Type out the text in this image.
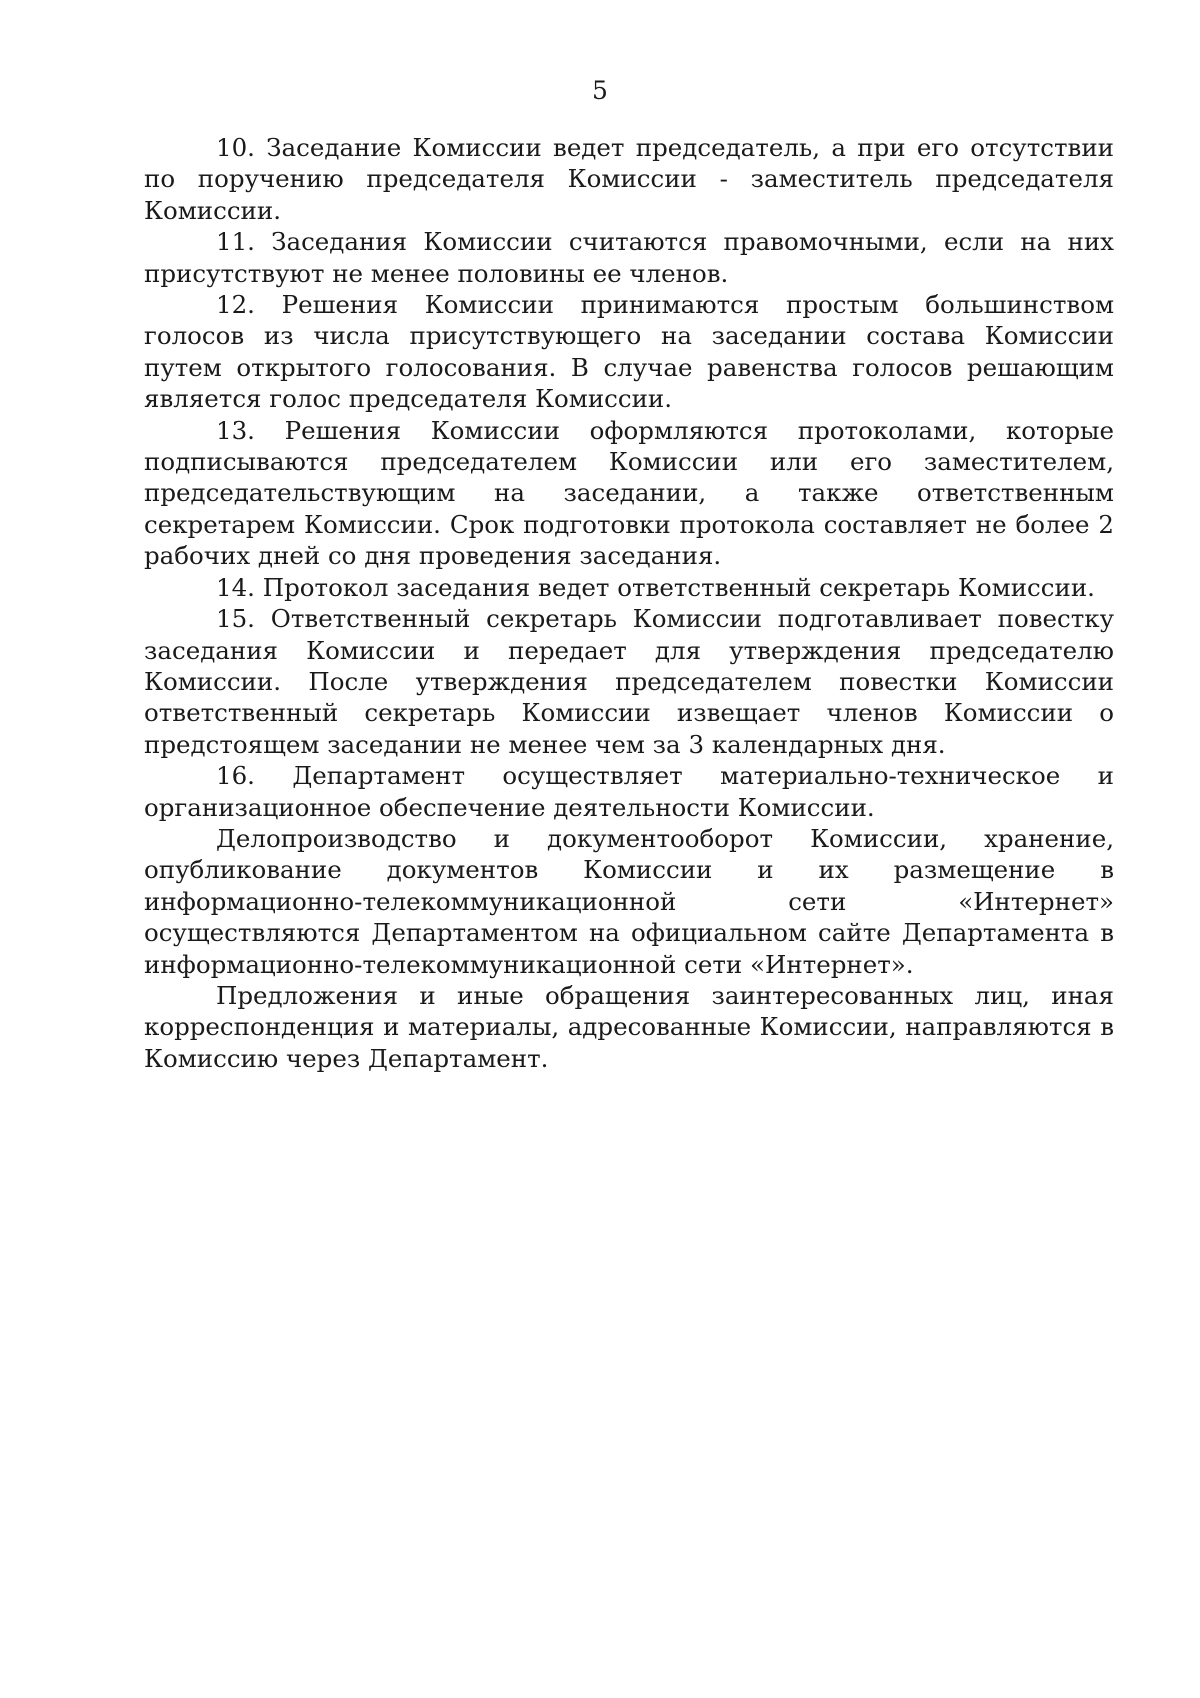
5

10. Заседание Комиссии ведет председатель, а при его отсутствии по поручению председателя Комиссии - заместитель председателя Комиссии.

11. Заседания Комиссии считаются правомочными, если на них присутствуют не менее половины ее членов.

12. Решения Комиссии принимаются простым большинством голосов из числа присутствующего на заседании состава Комиссии путем открытого голосования. В случае равенства голосов решающим является голос председателя Комиссии.

13. Решения Комиссии оформляются протоколами, которые подписываются председателем Комиссии или его заместителем, председательствующим на заседании, а также ответственным секретарем Комиссии. Срок подготовки протокола составляет не более 2 рабочих дней со дня проведения заседания.

14. Протокол заседания ведет ответственный секретарь Комиссии.

15. Ответственный секретарь Комиссии подготавливает повестку заседания Комиссии и передает для утверждения председателю Комиссии. После утверждения председателем повестки Комиссии ответственный секретарь Комиссии извещает членов Комиссии о предстоящем заседании не менее чем за 3 календарных дня.

16. Департамент осуществляет материально-техническое и организационное обеспечение деятельности Комиссии.

Делопроизводство и документооборот Комиссии, хранение, опубликование документов Комиссии и их размещение в информационно-телекоммуникационной сети «Интернет» осуществляются Департаментом на официальном сайте Департамента в информационно-телекоммуникационной сети «Интернет».

Предложения и иные обращения заинтересованных лиц, иная корреспонденция и материалы, адресованные Комиссии, направляются в Комиссию через Департамент.
